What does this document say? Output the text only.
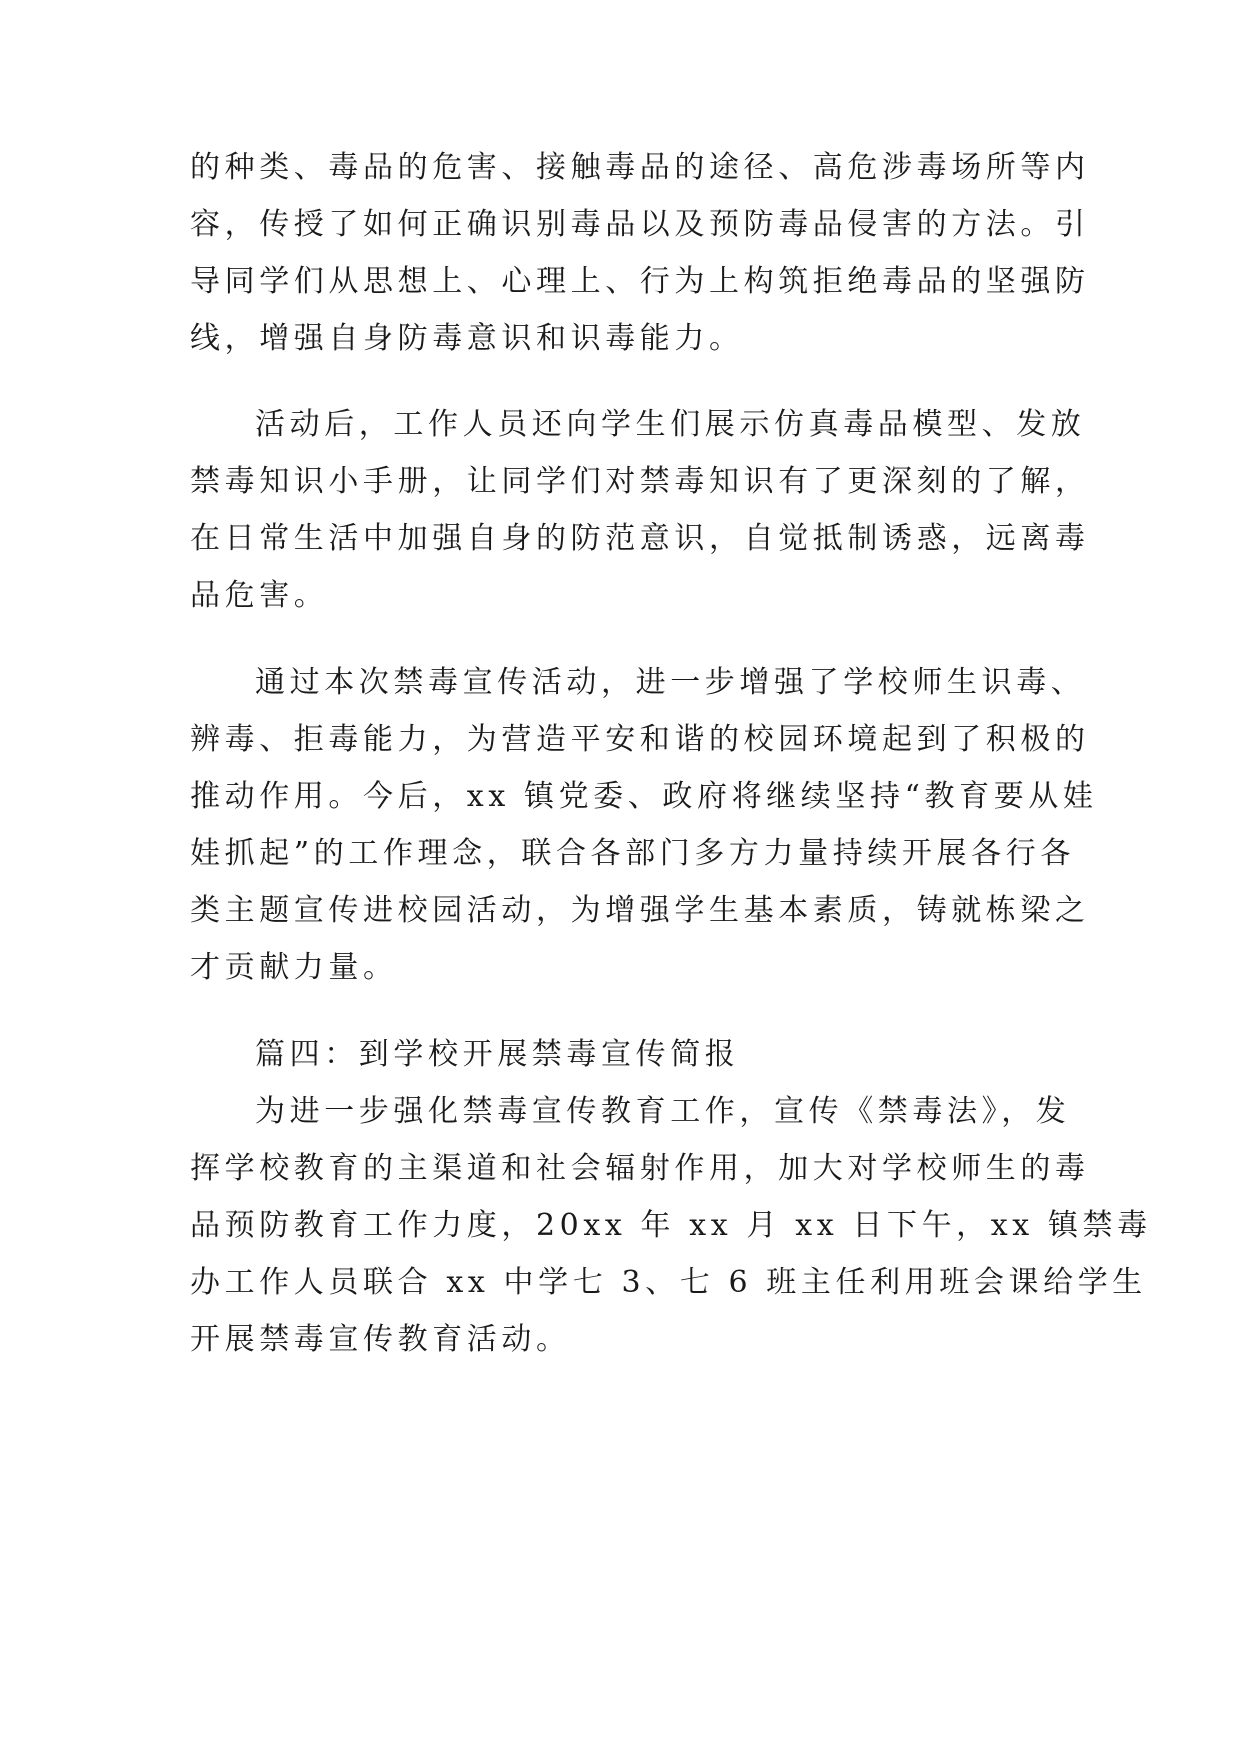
的种类、毒品的危害、接触毒品的途径、高危涉毒场所等内
容，传授了如何正确识别毒品以及预防毒品侵害的方法。引
导同学们从思想上、心理上、行为上构筑拒绝毒品的坚强防
线，增强自身防毒意识和识毒能力。
活动后，工作人员还向学生们展示仿真毒品模型、发放
禁毒知识小手册，让同学们对禁毒知识有了更深刻的了解，
在日常生活中加强自身的防范意识，自觉抵制诱惑，远离毒
品危害。
通过本次禁毒宣传活动，进一步增强了学校师生识毒、
辨毒、拒毒能力，为营造平安和谐的校园环境起到了积极的
推动作用。今后，xx 镇党委、政府将继续坚持“教育要从娃
娃抓起”的工作理念，联合各部门多方力量持续开展各行各
类主题宣传进校园活动，为增强学生基本素质，铸就栋梁之
才贡献力量。
篇四：到学校开展禁毒宣传简报
为进一步强化禁毒宣传教育工作，宣传《禁毒法》，发
挥学校教育的主渠道和社会辐射作用，加大对学校师生的毒
品预防教育工作力度，20xx 年 xx 月 xx 日下午，xx 镇禁毒
办工作人员联合 xx 中学七 3、七 6 班主任利用班会课给学生
开展禁毒宣传教育活动。
